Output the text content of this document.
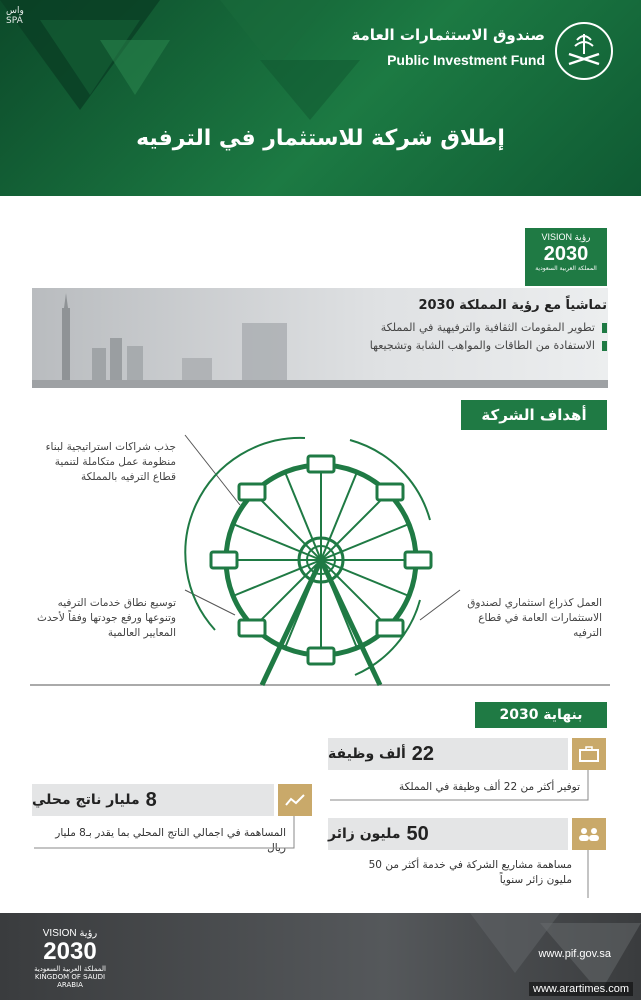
واس
SPA
صندوق الاستثمارات العامة
Public Investment Fund
إطلاق شركة للاستثمار في الترفيه
VISION رؤية
2030
المملكة العربية السعودية
تماشياً مع رؤية المملكة 2030
تطوير المقومات الثقافية والترفيهية في المملكة
الاستفادة من الطاقات والمواهب الشابة وتشجيعها
أهداف الشركة
جذب شراكات استراتيجية لبناء منظومة عمل متكاملة لتنمية قطاع الترفيه بالمملكة
توسيع نطاق خدمات الترفيه وتنوعها ورفع جودتها وفقاً لأحدث المعايير العالمية
العمل كذراع استثماري لصندوق الاستثمارات العامة في قطاع الترفيه
بنهاية 2030
22
ألف وظيفة
توفير أكثر من 22 ألف وظيفة في المملكة
8
مليار ناتج محلي
المساهمة في اجمالي الناتج المحلي بما يقدر بـ8 مليار ريال
50
مليون زائر
مساهمة مشاريع الشركة في خدمة أكثر من 50 مليون زائر سنوياً
VISION رؤية
2030
المملكة العربية السعودية KINGDOM OF SAUDI ARABIA
www.pif.gov.sa
www.arartimes.com
